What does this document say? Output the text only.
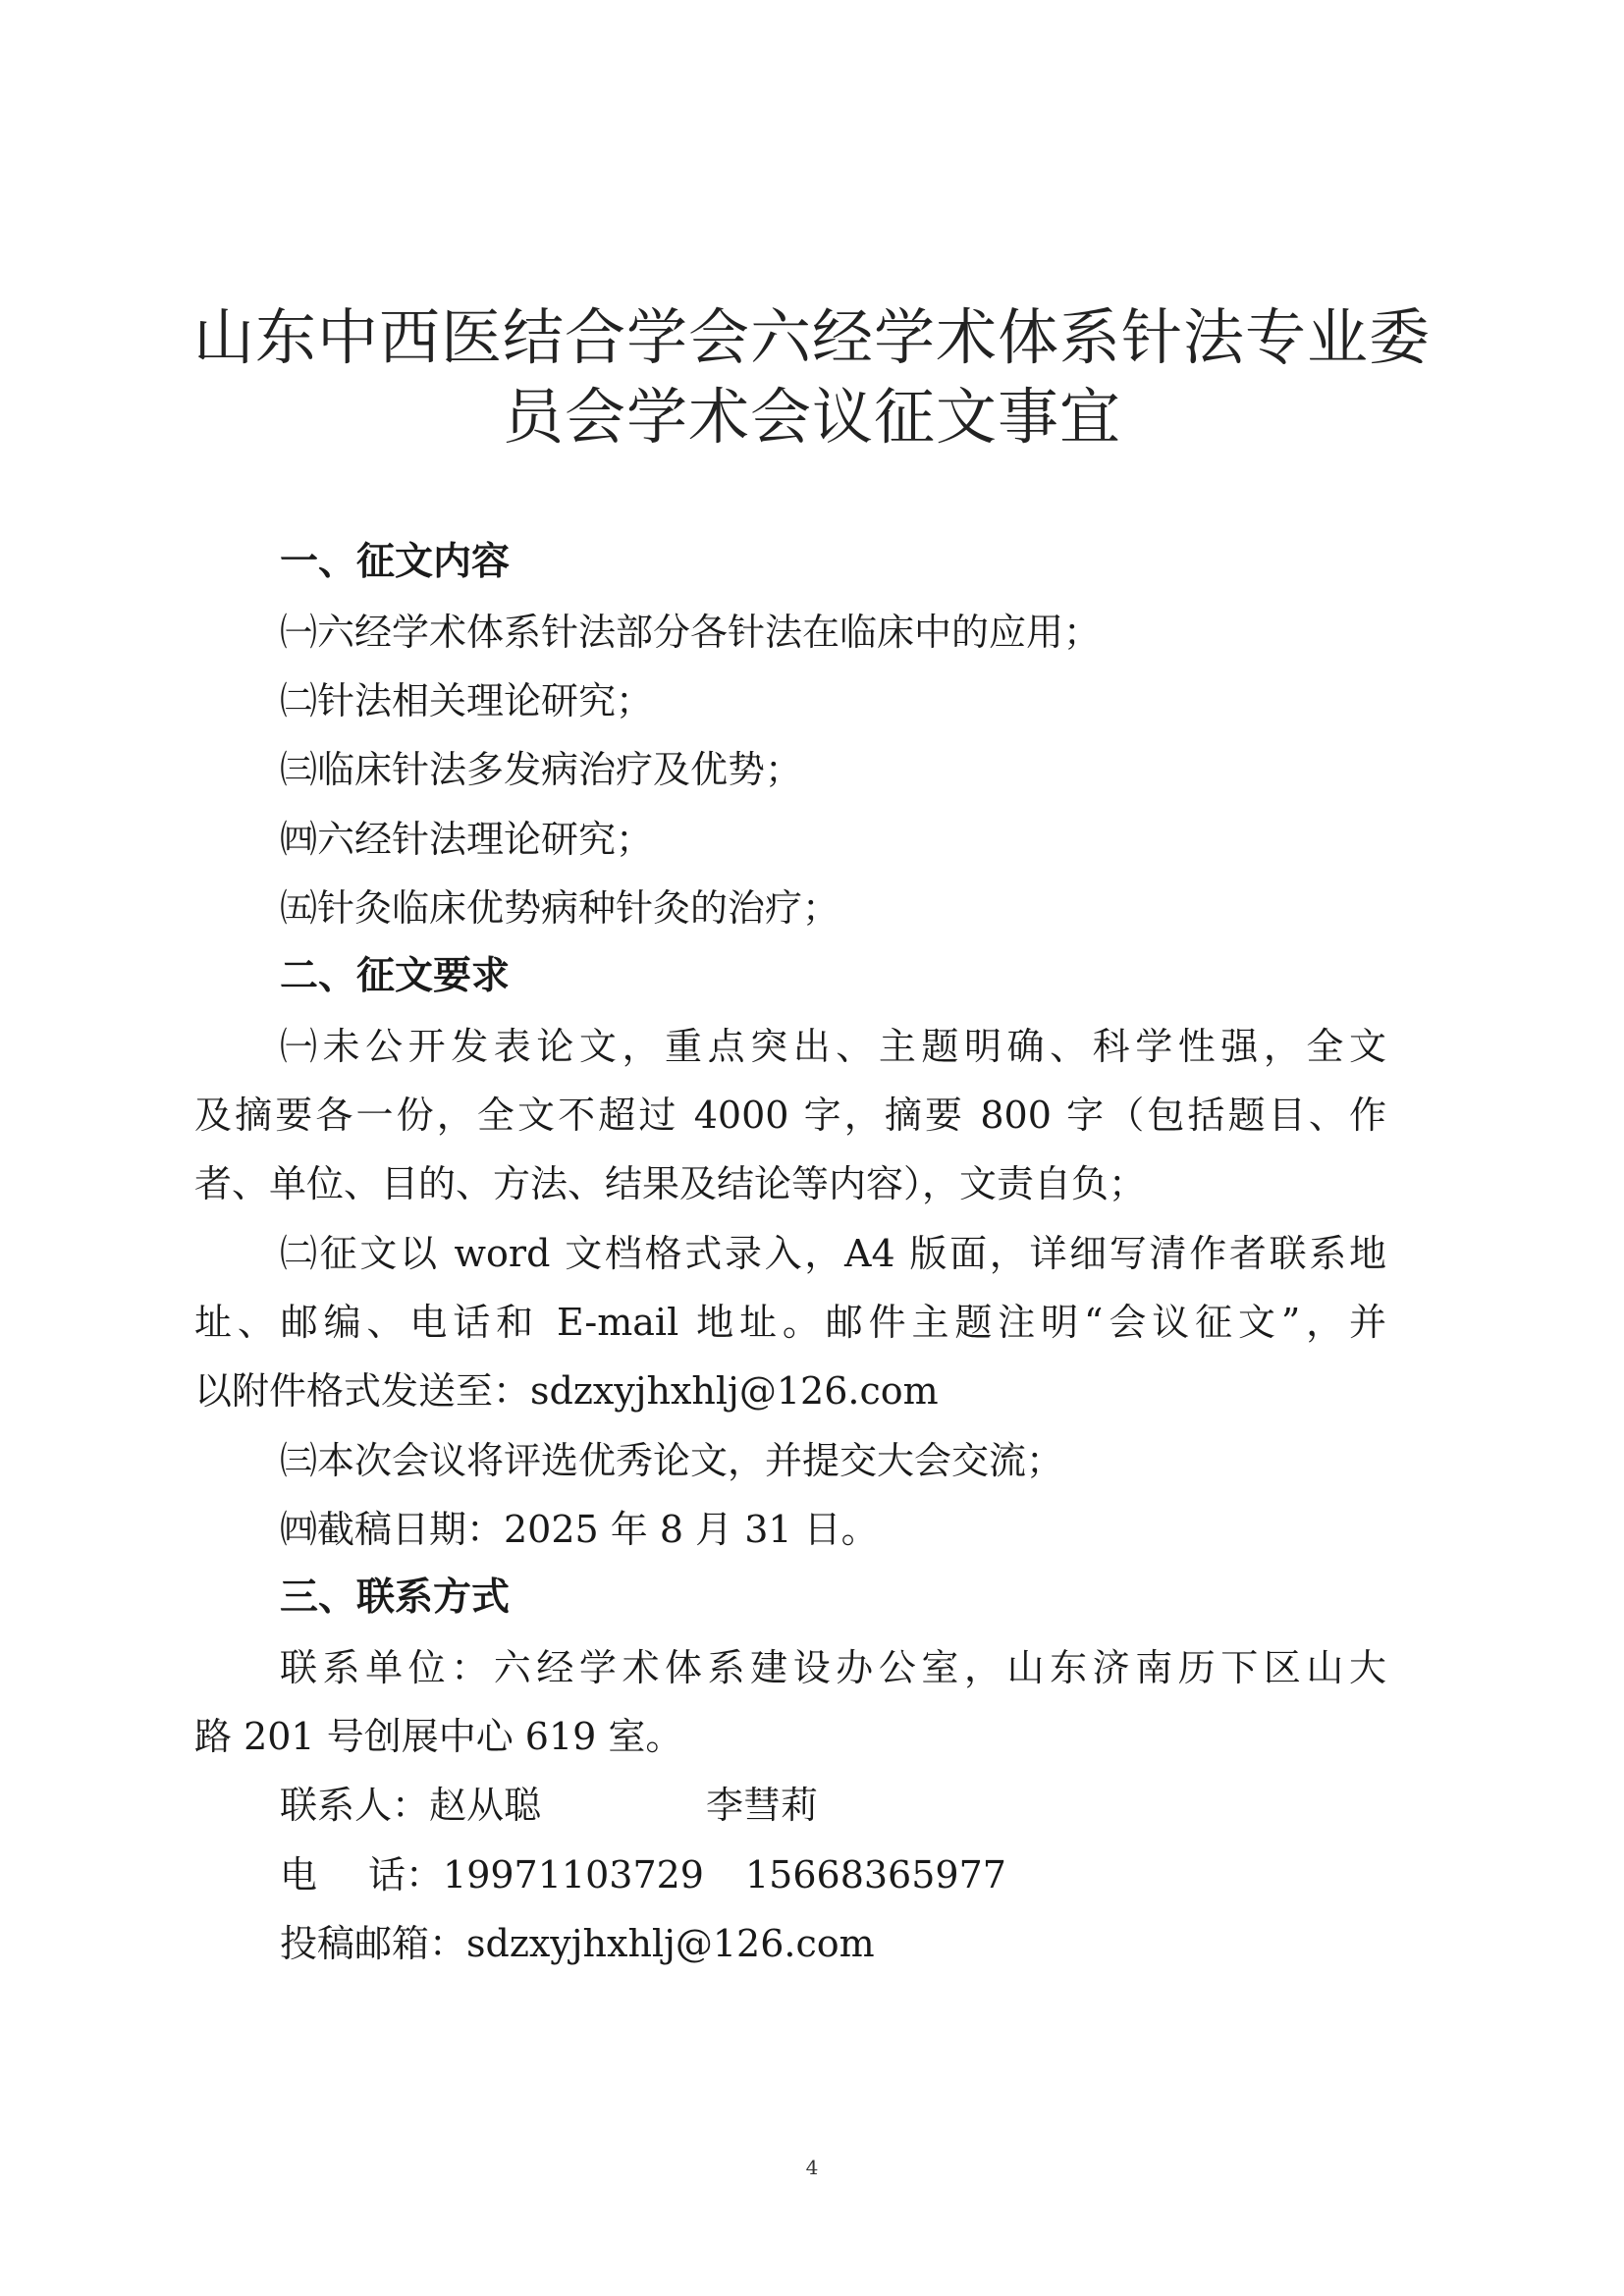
山东中西医结合学会六经学术体系针法专业委
员会学术会议征文事宜
一、征文内容
㈠六经学术体系针法部分各针法在临床中的应用；
㈡针法相关理论研究；
㈢临床针法多发病治疗及优势；
㈣六经针法理论研究；
㈤针灸临床优势病种针灸的治疗；
二、征文要求
㈠未公开发表论文，重点突出、主题明确、科学性强，全文
及摘要各一份，全文不超过 4000 字，摘要 800 字（包括题目、作
者、单位、目的、方法、结果及结论等内容），文责自负；
㈡征文以 word 文档格式录入，A4 版面，详细写清作者联系地
址、邮编、电话和 E-mail 地址。邮件主题注明“会议征文”，并
以附件格式发送至：sdzxyjhxhlj@126.com
㈢本次会议将评选优秀论文，并提交大会交流；
㈣截稿日期：2025 年 8 月 31 日。
三、联系方式
联系单位：六经学术体系建设办公室，山东济南历下区山大
路 201 号创展中心 619 室。
联系人：赵从聪	李彗莉
电 话：19971103729 15668365977
投稿邮箱：sdzxyjhxhlj@126.com
4
